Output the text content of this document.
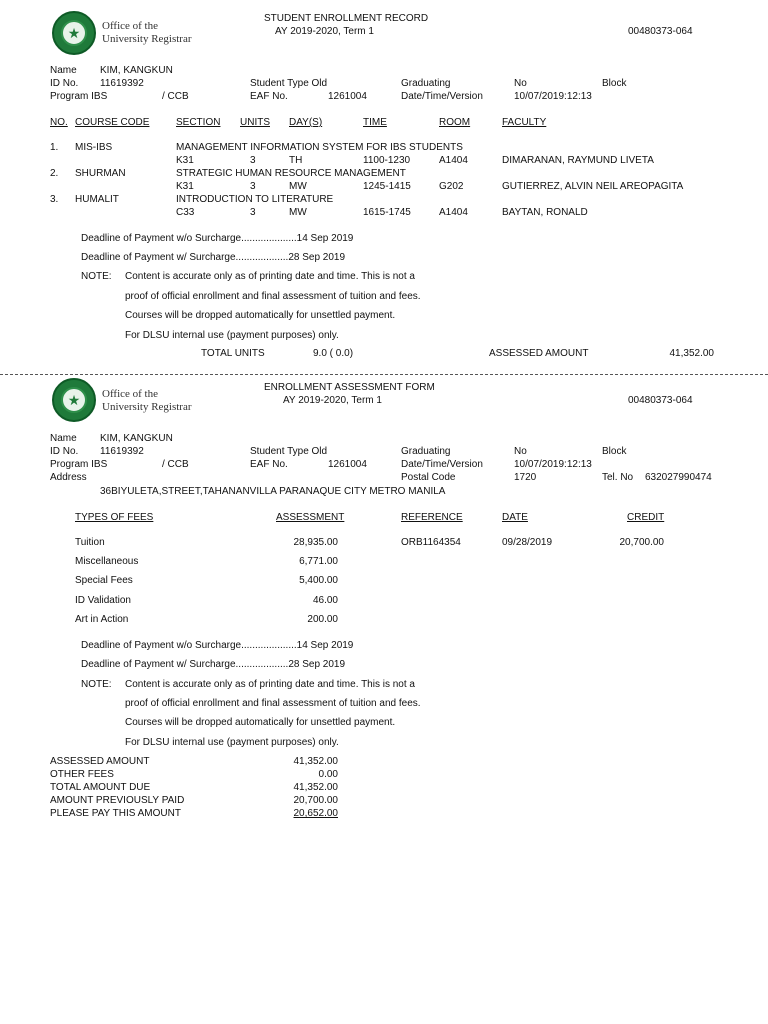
★	Office of the
University Registrar
STUDENT ENROLLMENT RECORD
AY 2019-2020, Term 1	00480373-064
Name KIM, KANGKUN
ID No. 11619392	Student Type Old	Graduating	No	Block
Program IBS	/ CCB	EAF No.	1261004	Date/Time/Version	10/07/2019:12:13
NO. COURSE CODE	SECTION UNITS DAY(S)	TIME	ROOM	FACULTY
1. MIS-IBS	MANAGEMENT INFORMATION SYSTEM FOR IBS STUDENTS
K31	3	TH	1100-1230	A1404	DIMARANAN, RAYMUND LIVETA
2. SHURMAN	STRATEGIC HUMAN RESOURCE MANAGEMENT
K31	3	MW	1245-1415	G202	GUTIERREZ, ALVIN NEIL AREOPAGITA
3. HUMALIT	INTRODUCTION TO LITERATURE
C33	3	MW	1615-1745	A1404	BAYTAN, RONALD
Deadline of Payment w/o Surcharge....................14 Sep 2019
Deadline of Payment w/ Surcharge...................28 Sep 2019
NOTE: Content is accurate only as of printing date and time. This is not a
proof of official enrollment and final assessment of tuition and fees.
Courses will be dropped automatically for unsettled payment.
For DLSU internal use (payment purposes) only.
TOTAL UNITS	9.0 ( 0.0)	ASSESSED AMOUNT	41,352.00
★	Office of the
University Registrar
ENROLLMENT ASSESSMENT FORM
AY 2019-2020, Term 1	00480373-064
Name KIM, KANGKUN
ID No. 11619392	Student Type Old	Graduating	No	Block
Program IBS	/ CCB	EAF No.	1261004	Date/Time/Version	10/07/2019:12:13
Address	Postal Code	1720	Tel. No 632027990474
36BIYULETA,STREET,TAHANANVILLA PARANAQUE CITY METRO MANILA
TYPES OF FEES	ASSESSMENT	REFERENCE	DATE	CREDIT
Tuition	28,935.00	ORB1164354	09/28/2019	20,700.00
Miscellaneous	6,771.00
Special Fees	5,400.00
ID Validation	46.00
Art in Action	200.00
Deadline of Payment w/o Surcharge....................14 Sep 2019
Deadline of Payment w/ Surcharge...................28 Sep 2019
NOTE: Content is accurate only as of printing date and time. This is not a
proof of official enrollment and final assessment of tuition and fees.
Courses will be dropped automatically for unsettled payment.
For DLSU internal use (payment purposes) only.
ASSESSED AMOUNT	41,352.00
OTHER FEES	0.00
TOTAL AMOUNT DUE	41,352.00
AMOUNT PREVIOUSLY PAID	20,700.00
PLEASE PAY THIS AMOUNT	20,652.00
